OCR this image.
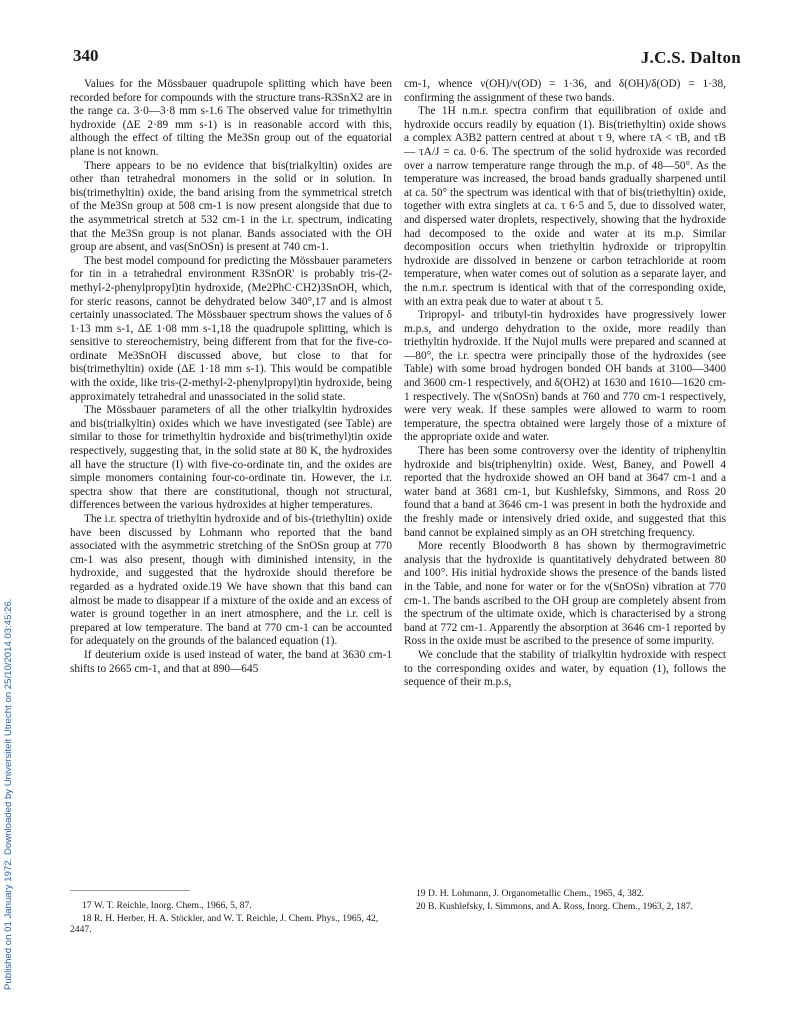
340	J.C.S. Dalton
Published on 01 January 1972. Downloaded by Universiteit Utrecht on 25/10/2014 03:45:26.

Values for the Mössbauer quadrupole splitting which have been recorded before for compounds with the structure trans-R3SnX2 are in the range ca. 3·0—3·8 mm s-1.6 The observed value for trimethyltin hydroxide (ΔE 2·89 mm s-1) is in reasonable accord with this, although the effect of tilting the Me3Sn group out of the equatorial plane is not known.

There appears to be no evidence that bis(trialkyltin) oxides are other than tetrahedral monomers in the solid or in solution. In bis(trimethyltin) oxide, the band arising from the symmetrical stretch of the Me3Sn group at 508 cm-1 is now present alongside that due to the asymmetrical stretch at 532 cm-1 in the i.r. spectrum, indicating that the Me3Sn group is not planar. Bands associated with the OH group are absent, and νas(SnOSn) is present at 740 cm-1.

The best model compound for predicting the Mössbauer parameters for tin in a tetrahedral environment R3SnOR' is probably tris-(2-methyl-2-phenylpropyl)tin hydroxide, (Me2PhC·CH2)3SnOH, which, for steric reasons, cannot be dehydrated below 340°,17 and is almost certainly unassociated. The Mössbauer spectrum shows the values of δ 1·13 mm s-1, ΔE 1·08 mm s-1,18 the quadrupole splitting, which is sensitive to stereochemistry, being different from that for the five-co-ordinate Me3SnOH discussed above, but close to that for bis(trimethyltin) oxide (ΔE 1·18 mm s-1). This would be compatible with the oxide, like tris-(2-methyl-2-phenylpropyl)tin hydroxide, being approximately tetrahedral and unassociated in the solid state.

The Mössbauer parameters of all the other trialkyltin hydroxides and bis(trialkyltin) oxides which we have investigated (see Table) are similar to those for trimethyltin hydroxide and bis(trimethyl)tin oxide respectively, suggesting that, in the solid state at 80 K, the hydroxides all have the structure (I) with five-co-ordinate tin, and the oxides are simple monomers containing four-co-ordinate tin. However, the i.r. spectra show that there are constitutional, though not structural, differences between the various hydroxides at higher temperatures.

The i.r. spectra of triethyltin hydroxide and of bis-(triethyltin) oxide have been discussed by Lohmann who reported that the band associated with the asymmetric stretching of the SnOSn group at 770 cm-1 was also present, though with diminished intensity, in the hydroxide, and suggested that the hydroxide should therefore be regarded as a hydrated oxide.19 We have shown that this band can almost be made to disappear if a mixture of the oxide and an excess of water is ground together in an inert atmosphere, and the i.r. cell is prepared at low temperature. The band at 770 cm-1 can be accounted for adequately on the grounds of the balanced equation (1).

If deuterium oxide is used instead of water, the band at 3630 cm-1 shifts to 2665 cm-1, and that at 890—645

cm-1, whence ν(OH)/ν(OD) = 1·36, and δ(OH)/δ(OD) = 1·38, confirming the assignment of these two bands.

The 1H n.m.r. spectra confirm that equilibration of oxide and hydroxide occurs readily by equation (1). Bis(triethyltin) oxide shows a complex A3B2 pattern centred at about τ 9, where τA < τB, and τB — τA/J = ca. 0·6. The spectrum of the solid hydroxide was recorded over a narrow temperature range through the m.p. of 48—50°. As the temperature was increased, the broad bands gradually sharpened until at ca. 50° the spectrum was identical with that of bis(triethyltin) oxide, together with extra singlets at ca. τ 6·5 and 5, due to dissolved water, and dispersed water droplets, respectively, showing that the hydroxide had decomposed to the oxide and water at its m.p. Similar decomposition occurs when triethyltin hydroxide or tripropyltin hydroxide are dissolved in benzene or carbon tetrachloride at room temperature, when water comes out of solution as a separate layer, and the n.m.r. spectrum is identical with that of the corresponding oxide, with an extra peak due to water at about τ 5.

Tripropyl- and tributyl-tin hydroxides have progressively lower m.p.s, and undergo dehydration to the oxide, more readily than triethyltin hydroxide. If the Nujol mulls were prepared and scanned at —80°, the i.r. spectra were principally those of the hydroxides (see Table) with some broad hydrogen bonded OH bands at 3100—3400 and 3600 cm-1 respectively, and δ(OH2) at 1630 and 1610—1620 cm-1 respectively. The ν(SnOSn) bands at 760 and 770 cm-1 respectively, were very weak. If these samples were allowed to warm to room temperature, the spectra obtained were largely those of a mixture of the appropriate oxide and water.

There has been some controversy over the identity of triphenyltin hydroxide and bis(triphenyltin) oxide. West, Baney, and Powell 4 reported that the hydroxide showed an OH band at 3647 cm-1 and a water band at 3681 cm-1, but Kushlefsky, Simmons, and Ross 20 found that a band at 3646 cm-1 was present in both the hydroxide and the freshly made or intensively dried oxide, and suggested that this band cannot be explained simply as an OH stretching frequency.

More recently Bloodworth 8 has shown by thermogravimetric analysis that the hydroxide is quantitatively dehydrated between 80 and 100°. His initial hydroxide shows the presence of the bands listed in the Table, and none for water or for the ν(SnOSn) vibration at 770 cm-1. The bands ascribed to the OH group are completely absent from the spectrum of the ultimate oxide, which is characterised by a strong band at 772 cm-1. Apparently the absorption at 3646 cm-1 reported by Ross in the oxide must be ascribed to the presence of some impurity.

We conclude that the stability of trialkyltin hydroxide with respect to the corresponding oxides and water, by equation (1), follows the sequence of their m.p.s,

17 W. T. Reichle, Inorg. Chem., 1966, 5, 87.

18 R. H. Herber, H. A. Stöckler, and W. T. Reichle, J. Chem. Phys., 1965, 42, 2447.

19 D. H. Lohmann, J. Organometallic Chem., 1965, 4, 382.

20 B. Kushlefsky, I. Simmons, and A. Ross, Inorg. Chem., 1963, 2, 187.
